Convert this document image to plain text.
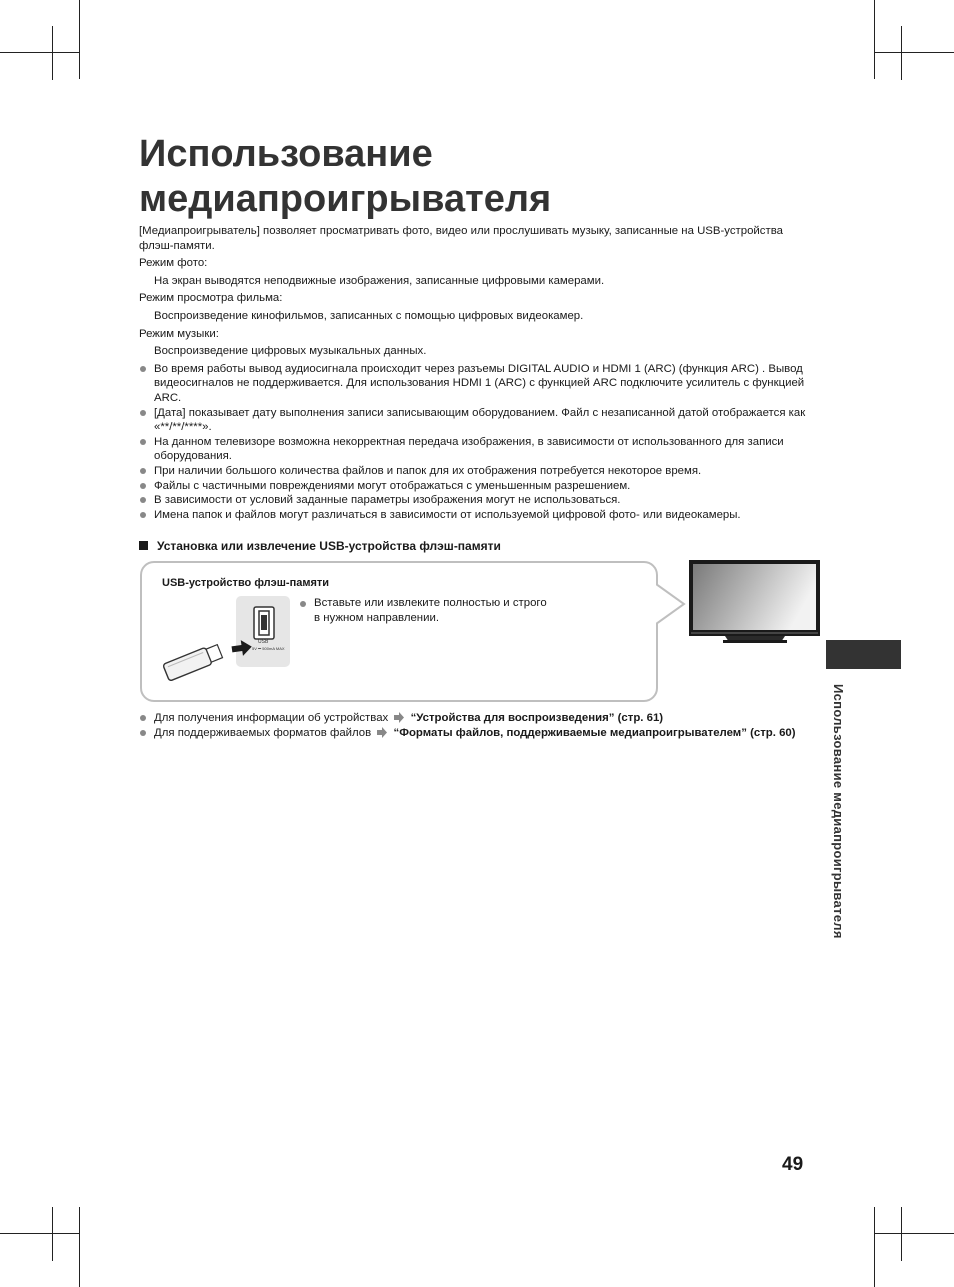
Использование
медиапроигрывателя

[Медиапроигрыватель] позволяет просматривать фото, видео или прослушивать музыку, записанные на USB-устройства флэш-памяти.

Режим фото:

На экран выводятся неподвижные изображения, записанные цифровыми камерами.

Режим просмотра фильма:

Воспроизведение кинофильмов, записанных с помощью цифровых видеокамер.

Режим музыки:

Воспроизведение цифровых музыкальных данных.

Во время работы вывод аудиосигнала происходит через разъемы DIGITAL AUDIO и HDMI 1 (ARC) (функция ARC) . Вывод видеосигналов не поддерживается. Для использования HDMI 1 (ARC) с функцией ARC подключите усилитель с функцией ARC.
[Дата] показывает дату выполнения записи записывающим оборудованием. Файл с незаписанной датой отображается как «**/**/****».
На данном телевизоре возможна некорректная передача изображения, в зависимости от использованного для записи оборудования.
При наличии большого количества файлов и папок для их отображения потребуется некоторое время.
Файлы с частичными повреждениями могут отображаться с уменьшенным разрешением.
В зависимости от условий заданные параметры изображения могут не использоваться.
Имена папок и файлов могут различаться в зависимости от используемой цифровой фото- или видеокамеры.
Установка или извлечение USB-устройства флэш-памяти
USB-устройство флэш-памяти
USB
5V ⎓ 500mA MAX
Вставьте или извлеките полностью и строго в нужном направлении.
Для получения информации об устройствах “Устройства для воспроизведения” (стр. 61)
Для поддерживаемых форматов файлов “Форматы файлов, поддерживаемые медиапроигрывателем” (стр. 60)	Использование медиапроигрывателя
49
